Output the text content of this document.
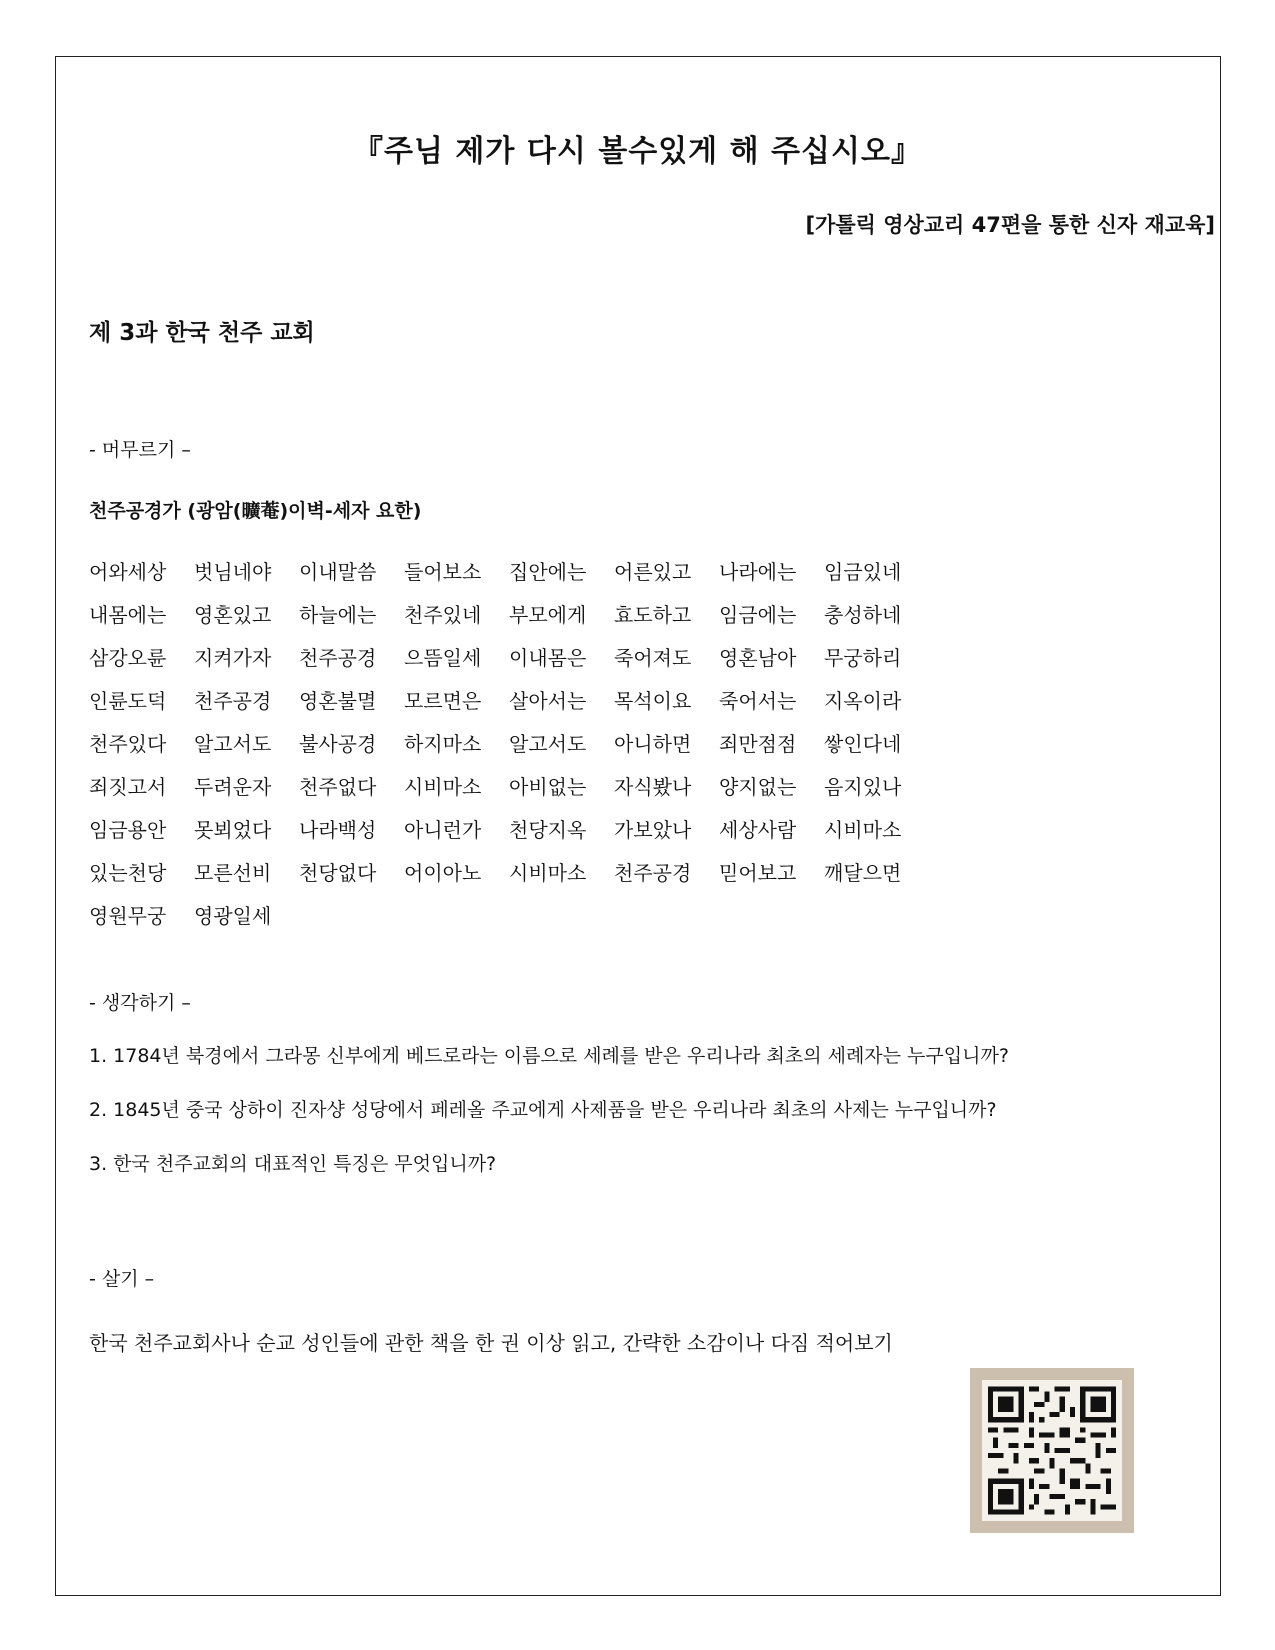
『주님 제가 다시 볼수있게 해 주십시오』
[가톨릭 영상교리 47편을 통한 신자 재교육]
제 3과 한국 천주 교회
- 머무르기 –
천주공경가 (광암(曠菴)이벽-세자 요한)
어와세상	벗님네야	이내말씀	들어보소	집안에는	어른있고	나라에는	임금있네
내몸에는	영혼있고	하늘에는	천주있네	부모에게	효도하고	임금에는	충성하네
삼강오륜	지켜가자	천주공경	으뜸일세	이내몸은	죽어져도	영혼남아	무궁하리
인륜도덕	천주공경	영혼불멸	모르면은	살아서는	목석이요	죽어서는	지옥이라
천주있다	알고서도	불사공경	하지마소	알고서도	아니하면	죄만점점	쌓인다네
죄짓고서	두려운자	천주없다	시비마소	아비없는	자식봤나	양지없는	음지있나
임금용안	못뵈었다	나라백성	아니런가	천당지옥	가보았나	세상사람	시비마소
있는천당	모른선비	천당없다	어이아노	시비마소	천주공경	믿어보고	깨달으면
영원무궁	영광일세
- 생각하기 –
1. 1784년 북경에서 그라몽 신부에게 베드로라는 이름으로 세례를 받은 우리나라 최초의 세례자는 누구입니까?
2. 1845년 중국 상하이 진자샹 성당에서 페레올 주교에게 사제품을 받은 우리나라 최초의 사제는 누구입니까?
3. 한국 천주교회의 대표적인 특징은 무엇입니까?
- 살기 –
한국 천주교회사나 순교 성인들에 관한 책을 한 권 이상 읽고, 간략한 소감이나 다짐 적어보기
